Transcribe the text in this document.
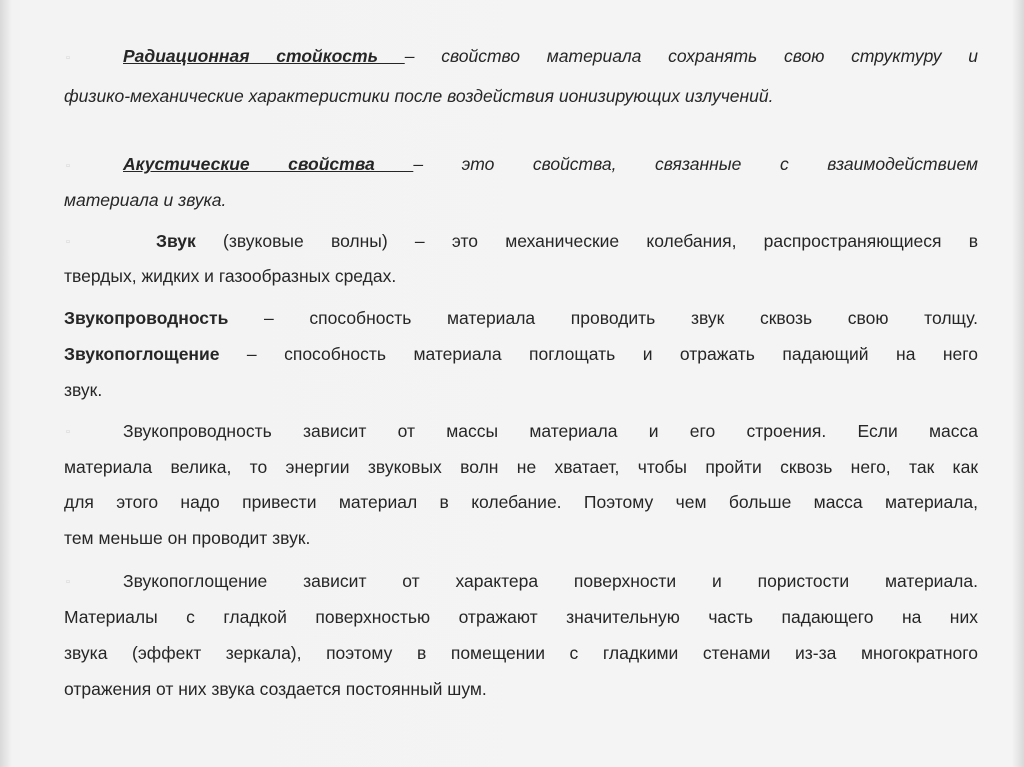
▫	Радиационная стойкость – свойство материала сохранять свою структуру и
физико-механические характеристики после воздействия ионизирующих излучений.
▫	Акустические свойства – это свойства, связанные с взаимодействием
материала и звука.
▫	Звук (звуковые волны) – это механические колебания, распространяющиеся в
твердых, жидких и газообразных средах.
Звукопроводность – способность материала проводить звук сквозь свою толщу.
Звукопоглощение – способность материала поглощать и отражать падающий на него
звук.
▫	Звукопроводность зависит от массы материала и его строения. Если масса
материала велика, то энергии звуковых волн не хватает, чтобы пройти сквозь него, так как
для этого надо привести материал в колебание. Поэтому чем больше масса материала,
тем меньше он проводит звук.
▫	Звукопоглощение зависит от характера поверхности и пористости материала.
Материалы с гладкой поверхностью отражают значительную часть падающего на них
звука (эффект зеркала), поэтому в помещении с гладкими стенами из-за многократного
отражения от них звука создается постоянный шум.
